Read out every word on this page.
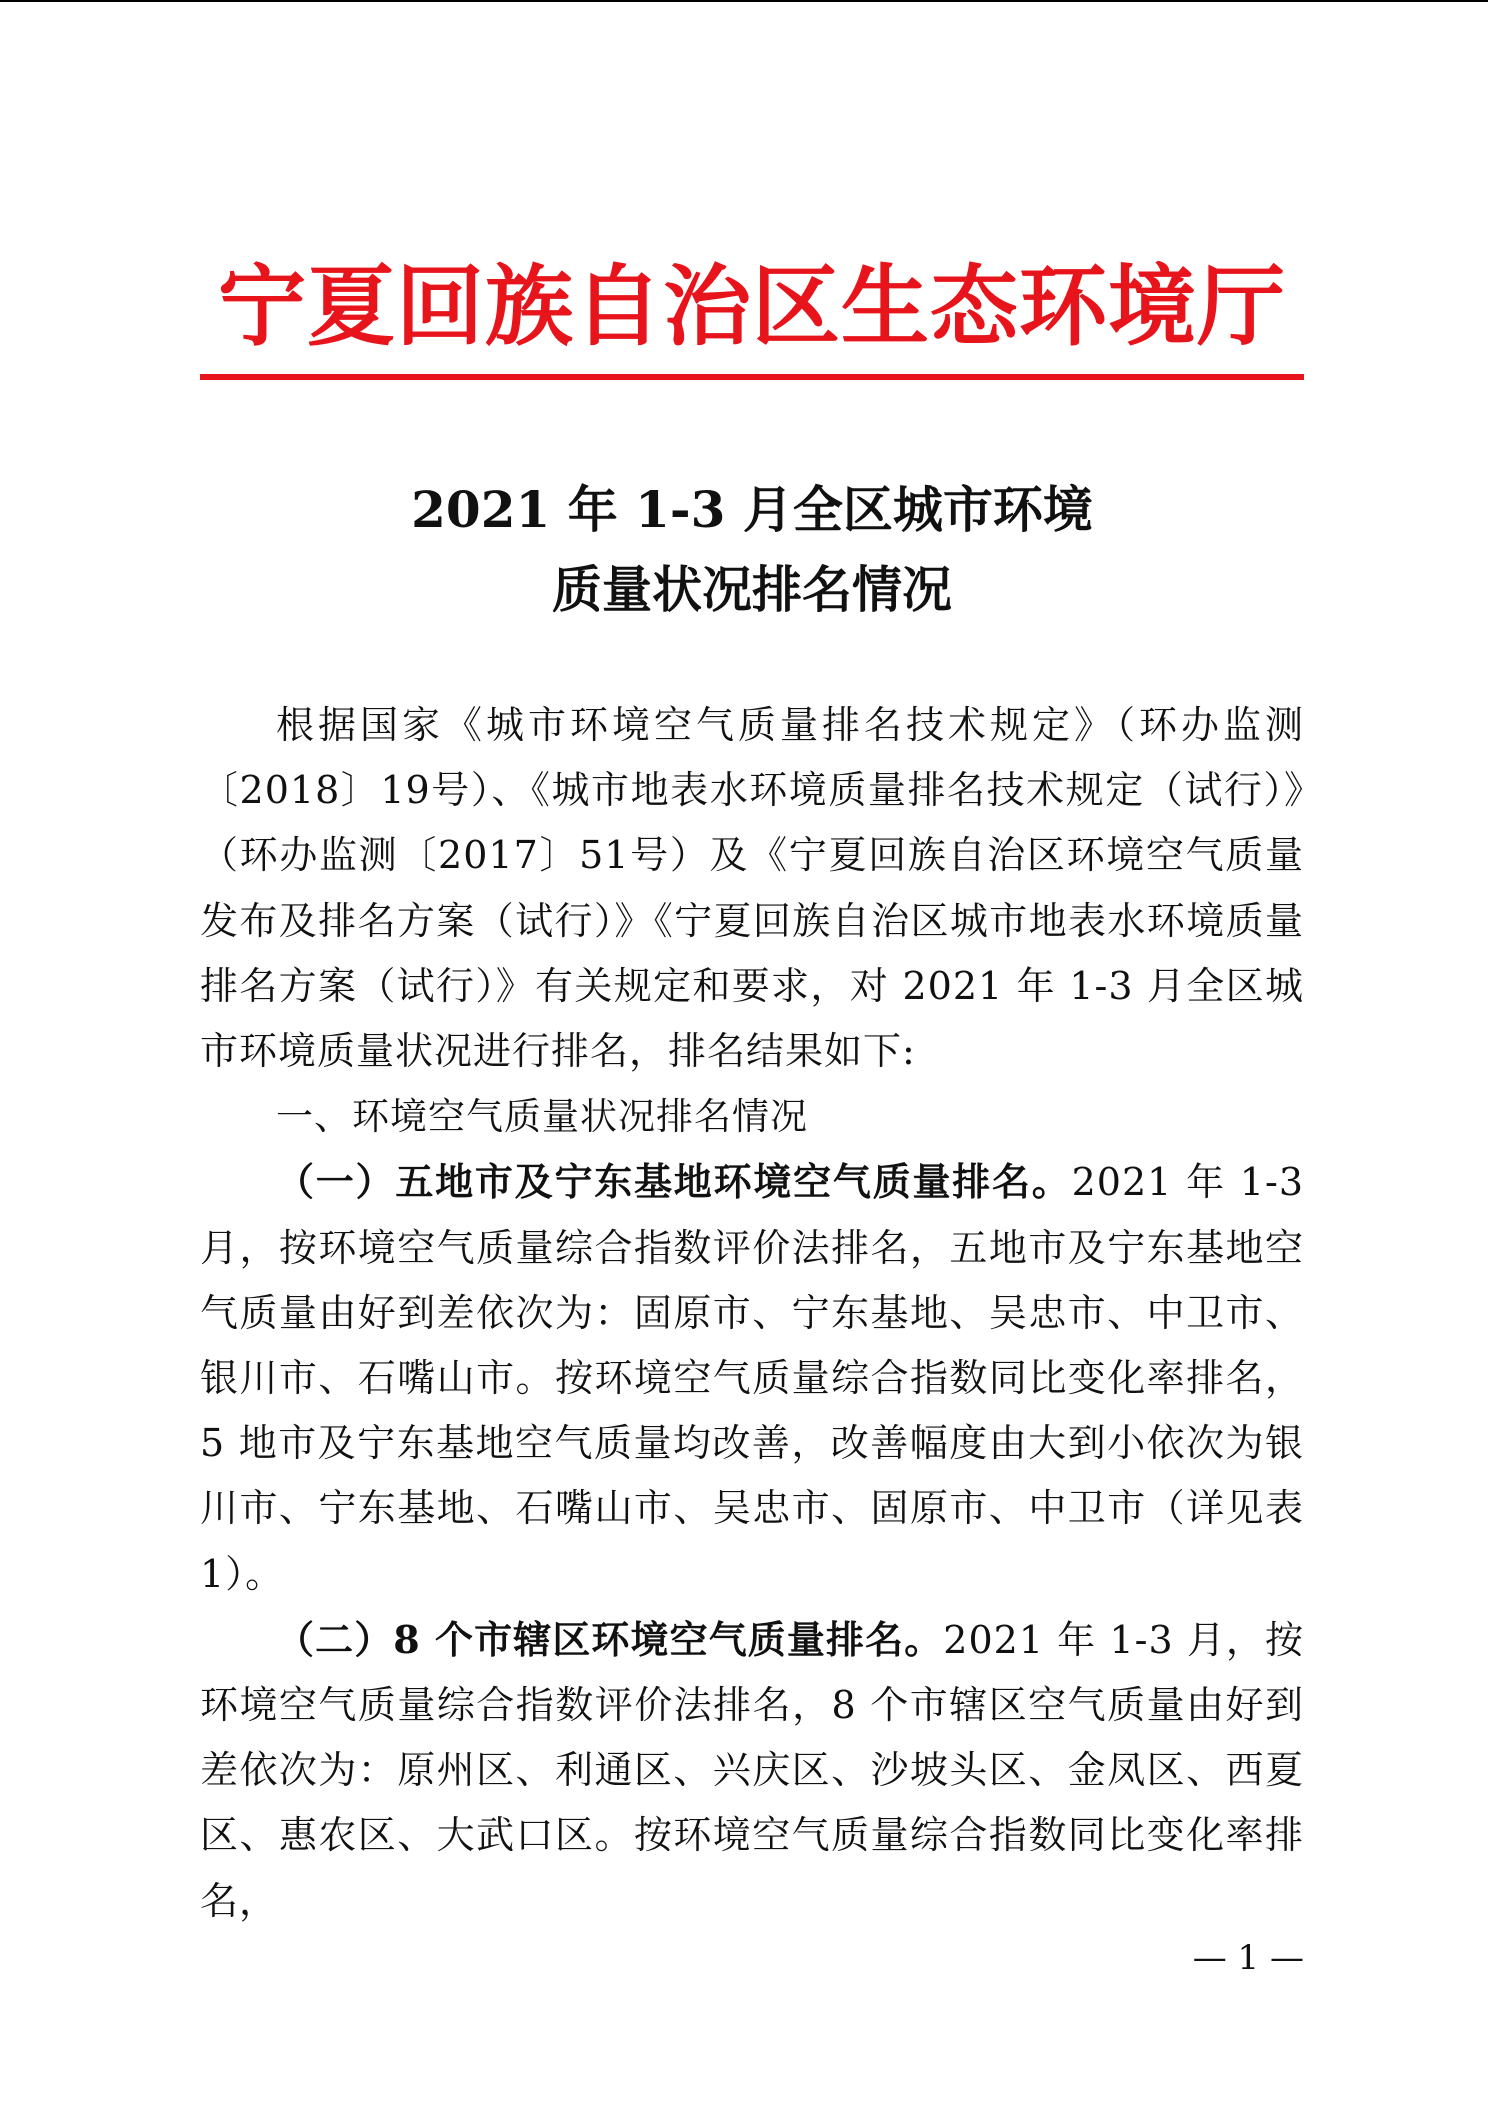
宁夏回族自治区生态环境厅
2021 年 1-3 月全区城市环境
质量状况排名情况

根据国家《城市环境空气质量排名技术规定》（环办监测〔2018〕19号）、《城市地表水环境质量排名技术规定（试行）》（环办监测〔2017〕51号）及《宁夏回族自治区环境空气质量发布及排名方案（试行）》《宁夏回族自治区城市地表水环境质量排名方案（试行）》有关规定和要求，对 2021 年 1-3 月全区城市环境质量状况进行排名，排名结果如下:

一、环境空气质量状况排名情况

（一）五地市及宁东基地环境空气质量排名。2021 年 1-3 月，按环境空气质量综合指数评价法排名，五地市及宁东基地空气质量由好到差依次为：固原市、宁东基地、吴忠市、中卫市、银川市、石嘴山市。按环境空气质量综合指数同比变化率排名，5 地市及宁东基地空气质量均改善，改善幅度由大到小依次为银川市、宁东基地、石嘴山市、吴忠市、固原市、中卫市（详见表 1）。

（二）8 个市辖区环境空气质量排名。2021 年 1-3 月，按环境空气质量综合指数评价法排名，8 个市辖区空气质量由好到差依次为：原州区、利通区、兴庆区、沙坡头区、金凤区、西夏区、惠农区、大武口区。按环境空气质量综合指数同比变化率排名，

— 1 —
